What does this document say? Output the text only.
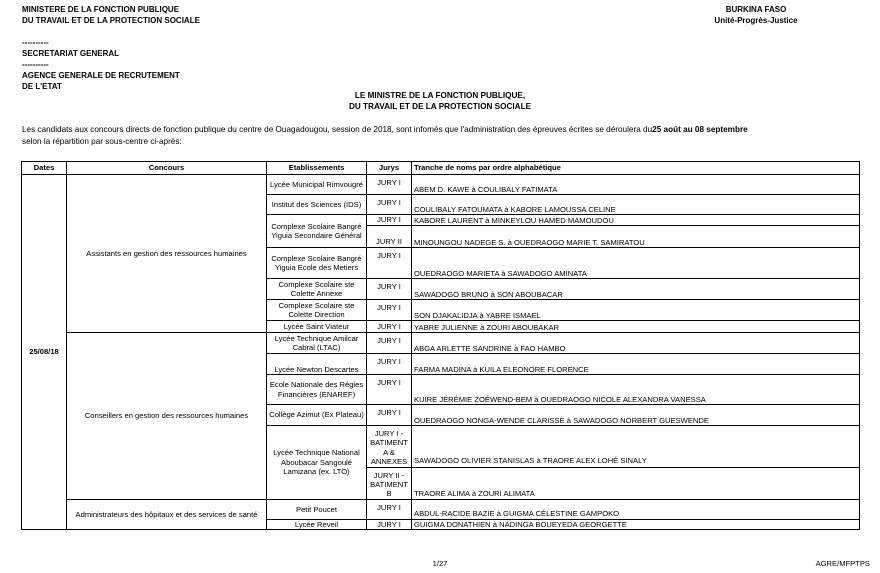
MINISTERE DE LA FONCTION PUBLIQUE
DU TRAVAIL ET DE LA PROTECTION SOCIALE
----------
SECRETARIAT GENERAL
----------
AGENCE GENERALE DE RECRUTEMENT
DE L'ETAT
BURKINA FASO
Unité-Progrès-Justice
LE MINISTRE DE LA FONCTION PUBLIQUE,
DU TRAVAIL ET DE LA PROTECTION SOCIALE
Les candidats aux concours directs de fonction publique du centre de Ouagadougou, session de 2018, sont infomés que l'administration des épreuves écrites se déroulera du25 août au 08 septembre
selon la répartition par sous-centre ci-après:
Dates	Concours	Etablissements	Jurys	Tranche de noms par ordre alphabétique
25/08/18	Assistants en gestion des ressources humaines	Lycée Municipal Rimvougré	JURY I	ABEM D. KAWE à COULIBALY FATIMATA
		Institut des Sciences (IDS)	JURY I	COULIBALY FATOUMATA à KABORE LAMOUSSA CELINE
		Complexe Scolaire Bangré Yiguia Secondaire Général	JURY I	KABORE LAURENT à MINKEYLOU HAMED MAMOUDOU
			JURY II	MINOUNGOU NADEGE S. à OUEDRAOGO MARIE T. SAMIRATOU
		Complexe Scolaire Bangré Yiguia Ecole des Metiers	JURY I	OUEDRAOGO MARIETA à SAWADOGO AMINATA
		Complexe Scolaire ste Colette Annexe	JURY I	SAWADOGO BRUNO à SON ABOUBACAR
		Complexe Scolaire ste Colette Direction	JURY I	SON DJAKALIDJA à YABRE ISMAEL
		Lycée Saint Viateur	JURY I	YABRE JULIENNE à ZOURI ABOUBAKAR
	Conseillers en gestion des ressources humaines	Lycée Technique Amilcar Cabral (LTAC)	JURY I	ABGA ARLETTE SANDRINE à FAO HAMBO
		Lycée Newton Descartes	JURY I	FARMA MADINA à KUILA ELEONORE FLORENCE
		Ecole Nationale des Régies Financières (ENAREF)	JURY I	KUIRE JÉRÉMIE ZOÉWEND-BEM à OUEDRAOGO NICOLE ALEXANDRA VANESSA
		Collège Azimut (Ex Plateau)	JURY I	OUEDRAOGO NONGA-WENDE CLARISSE à SAWADOGO NORBERT GUESWENDE
		Lycée Technique National Aboubacar Sangoulé Lamizana (ex. LTO)	JURY I - BATIMENT A & ANNEXES	SAWADOGO OLIVIER STANISLAS à TRAORE ALEX LOHÉ SINALY
			JURY II - BATIMENT B	TRAORE ALIMA à ZOURI ALIMATA
	Administrateurs des hôpitaux et des services de santé	Petit Poucet	JURY I	ABDUL-RACIDE BAZIE à GUIGMA CÉLESTINE GAMPOKO
		Lycée Reveil	JURY I	GUIGMA DONATHIEN à NADINGA BOUEYEDA GEORGETTE
1/27	AGRE/MFPTPS
